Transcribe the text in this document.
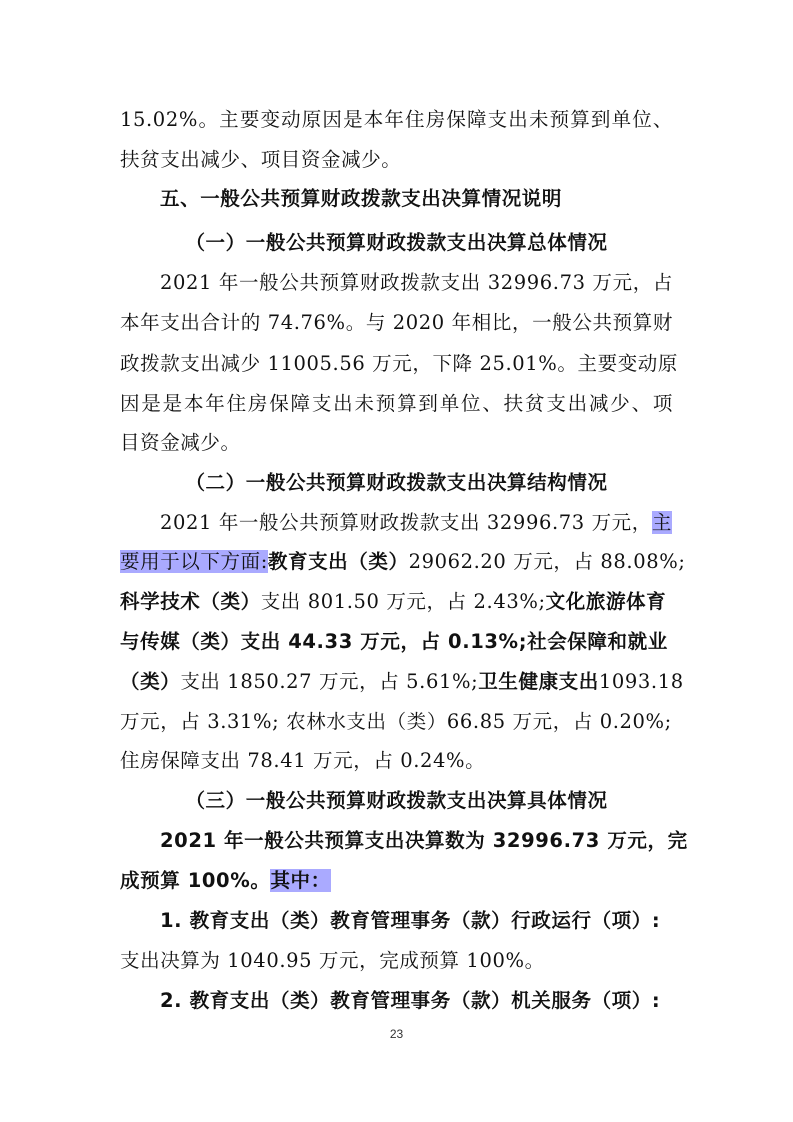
15.02%。主要变动原因是本年住房保障支出未预算到单位、
扶贫支出减少、项目资金减少。
五、一般公共预算财政拨款支出决算情况说明
（一）一般公共预算财政拨款支出决算总体情况
2021 年一般公共预算财政拨款支出 32996.73 万元，占
本年支出合计的 74.76%。与 2020 年相比，一般公共预算财
政拨款支出减少 11005.56 万元，下降 25.01%。主要变动原
因是是本年住房保障支出未预算到单位、扶贫支出减少、项
目资金减少。
（二）一般公共预算财政拨款支出决算结构情况
2021 年一般公共预算财政拨款支出 32996.73 万元，主
要用于以下方面:教育支出（类）29062.20 万元，占 88.08%;
科学技术（类）支出 801.50 万元，占 2.43%;文化旅游体育
与传媒（类）支出 44.33 万元，占 0.13%;社会保障和就业
（类）支出 1850.27 万元，占 5.61%;卫生健康支出1093.18
万元，占 3.31%; 农林水支出（类）66.85 万元，占 0.20%;
住房保障支出 78.41 万元，占 0.24%。
（三）一般公共预算财政拨款支出决算具体情况
2021 年一般公共预算支出决算数为 32996.73 万元，完
成预算 100%。其中：
1. 教育支出（类）教育管理事务（款）行政运行（项）:
支出决算为 1040.95 万元，完成预算 100%。
2. 教育支出（类）教育管理事务（款）机关服务（项）:
23
